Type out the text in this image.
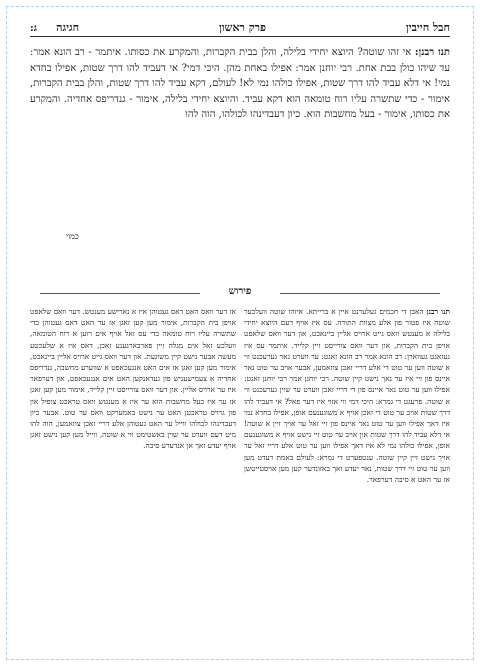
חבל חייבין
פרק ראשון
חגיגה     ג:
תנו רבנן: אי זהו שוטה? היוצא יחידי בלילה, והלן בבית הקברות, והמקרע את כסותו. איתמר - רב הונא אמר: עד שיהו כולן בבת אחת. רבי יוחנן אמר: אפילו באחת מהן. היכי דמי? אי דעביד להו דרך שטות, אפילו בחדא נמי! אי דלא עביד להו דרך שטות, אפילו כולהו נמי לא! לעולם, דקא עביד להו דרך שטות, והלן בבית הקברות, אימור - כדי שתשרה עליו רוח טומאה הוא דקא עביד. והיוצא יחידי בלילה, אימור - גנדריפס אחדיה. והמקרע את כסותו, אימור - בעל מחשבות הוא. כיון דעבדינהו לכולהו, הוה להו
כמוי
פירוש
תנו רבנן האבן די חכמים געלערנט איין א ברייתא. איזהו שוטה וועלכער שוטה איז פטור פון אלע מצוות התורה. עס איז אויף דעם היוצא יחידי בלילה א מענטש וואס גייט ארויס אליין ביינאכט, און דער וואס שלאפט אויפן בית הקברות, און דער וואס צורייסט זיין קלייד. איתמר עס איז געזאגט געווארן: רב הונא אמר רב הונא זאגט: ער ווערט נאר גערעכנט ווי א שוטה ווען ער טוט די אלע דריי זאכן צוזאמען, אבער אויב ער טוט נאר איינס פון זיי איז ער נאך נישט קיין שוטה. רבי יוחנן אמר רבי יוחנן זאגט: אפילו ווען ער טוט נאר איינס פון די דריי זאכן ווערט ער שוין גערעכנט ווי א שוטה. פרעגט די גמרא: היכי דמי ווי אזוי איז דער פאל? אי דעביד להו דרך שטות אויב ער טוט די זאכן אויף א משוגענעם אופן, אפילו בחדא נמי איז דאך אפילו ווען ער טוט נאר איינס פון זיי זאל ער אויך זיין א שוטה! אי דלא עביד להו דרך שטות און אויב ער טוט זיי נישט אויף א משוגענעם אופן, אפילו כולהו נמי לא איז דאך אפילו ווען ער טוט אלע דריי זאל ער אויך נישט זיין קיין שוטה. ענטפערט די גמרא: לעולם באמת רעדט מען ווען ער טוט זיי דרך שטות, נאר יעדע זאך באזונדער קען מען אויסטייטשן אז ער האט א סיבה דערפאר.
אז דער וואס האט דאס געטוהן איז א נארישע מענטש. דער וואס שלאפט אויפן בית הקברות, אימור מען קען זאגן אז ער האט דאס געטוהן כדי שתשרה עליו רוח טומאה כדי עס זאל אויף אים רוען א רוח הטומאה, וועלכע זאל אים מגלה זיין פארבארגענע זאכן, דאס איז א שלעכטע מעשה אבער נישט קיין משוגעת. און דער וואס גייט ארויס אליין ביינאכט, אימור מען קען זאגן אז אים האט אנגעכאפט א שווערע מחשבה, גנדריפס אחדיה א צעמישעניש פון געדאנקען האט אים אנגעכאפט, און דערפאר איז ער ארויס אליין. און דער וואס צורייסט זיין קלייד, אימור מען קען זאגן אז ער איז בעל מחשבות הוא ער איז א מענטש וואס טראכט צופיל און פון גרויס טראכטן האט ער נישט באמערקט וואס ער טוט. אבער כיון דעבדינהו לכולהו ווייל ער האט געטוהן אלע דריי זאכן צוזאמען, הוה להו מיט דעם ווערט ער שוין באשטימט ווי א שוטה, ווייל מען קען נישט זאגן אויף יעדע זאך אן אנדערע סיבה.
